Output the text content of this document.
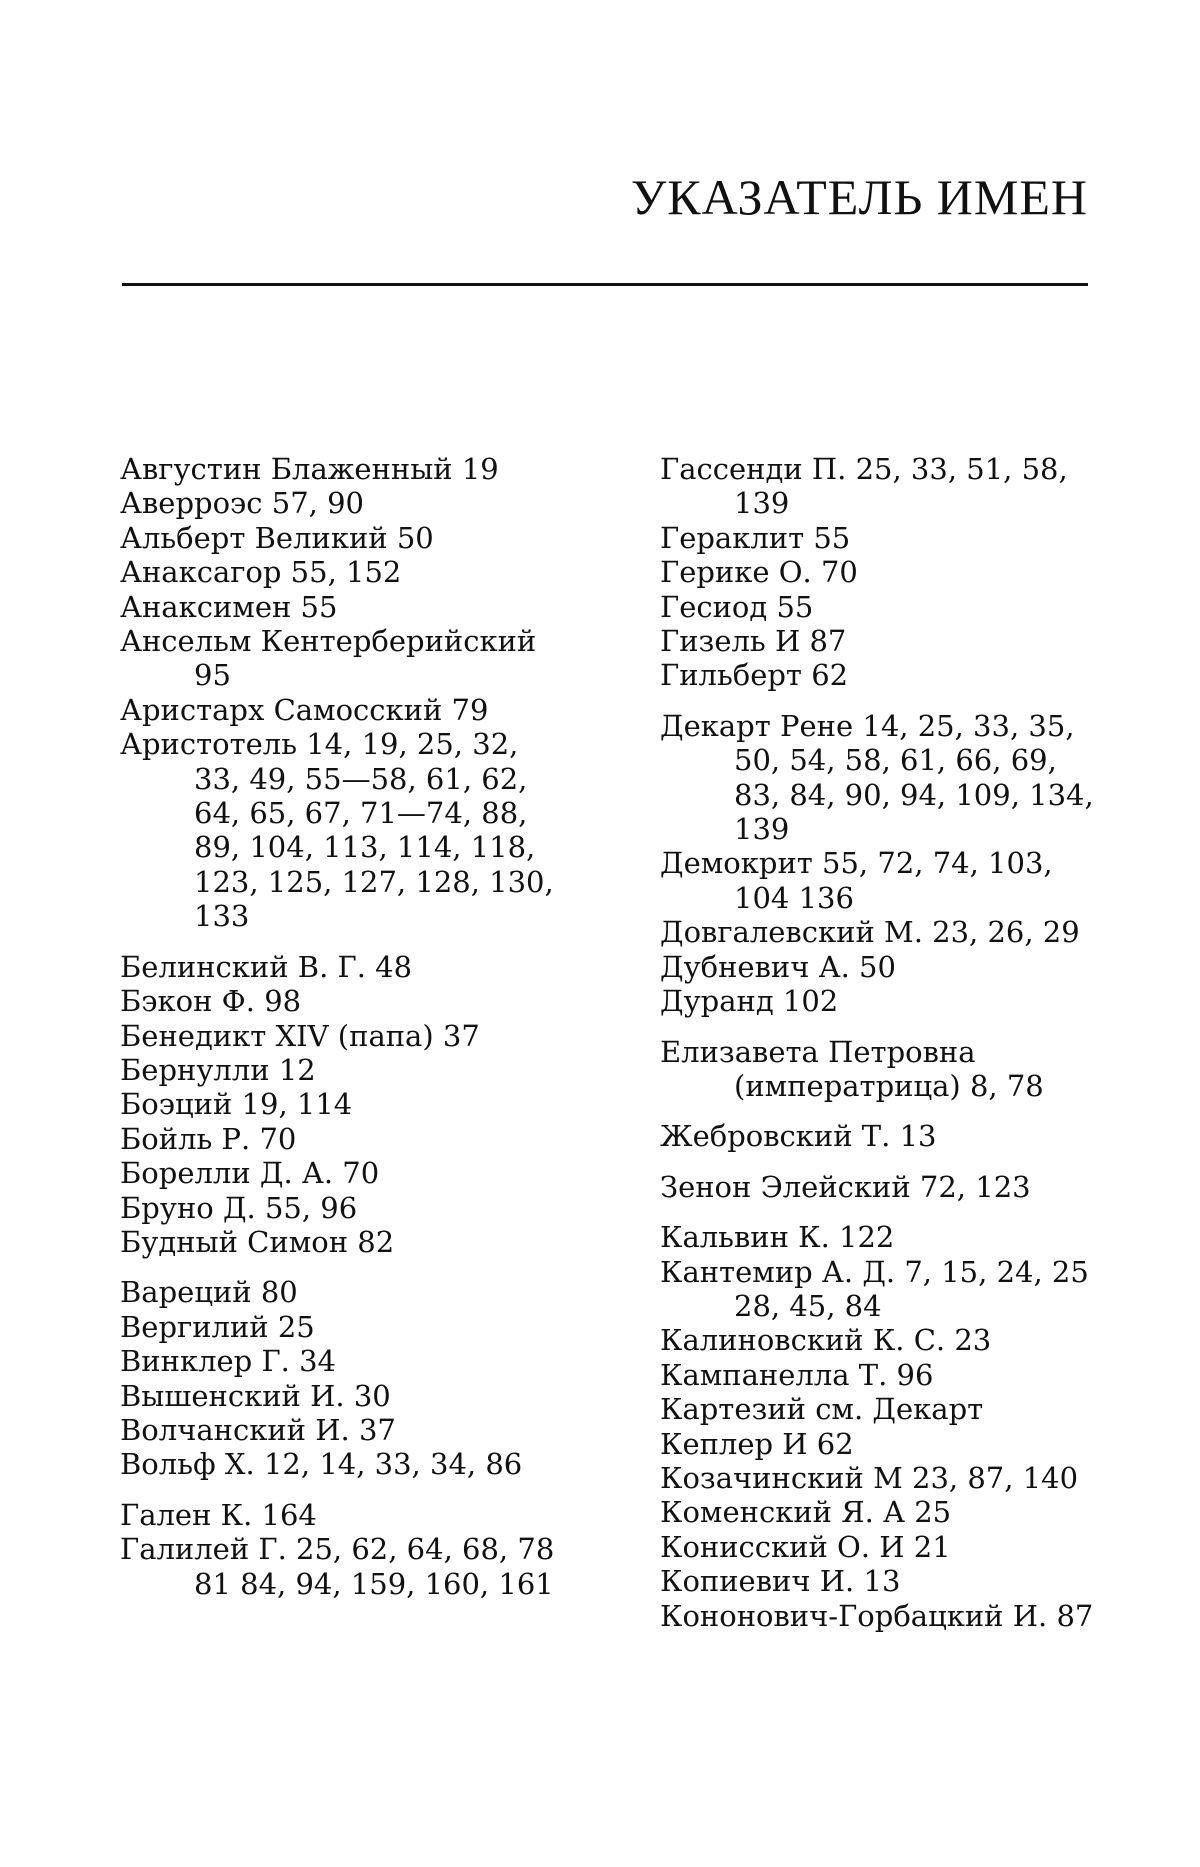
УКАЗАТЕЛЬ ИМЕН
Августин Блаженный 19
Аверроэс 57, 90
Альберт Великий 50
Анаксагор 55, 152
Анаксимен 55
Ансельм Кентерберийский 95
Аристарх Самосский 79
Аристотель 14, 19, 25, 32, 33, 49, 55—58, 61, 62, 64, 65, 67, 71—74, 88, 89, 104, 113, 114, 118, 123, 125, 127, 128, 130, 133
Белинский В. Г. 48
Бэкон Ф. 98
Бенедикт XIV (папа) 37
Бернулли 12
Боэций 19, 114
Бойль Р. 70
Борелли Д. А. 70
Бруно Д. 55, 96
Будный Симон 82
Вареций 80
Вергилий 25
Винклер Г. 34
Вышенский И. 30
Волчанский И. 37
Вольф Х. 12, 14, 33, 34, 86
Гален К. 164
Галилей Г. 25, 62, 64, 68, 78 81 84, 94, 159, 160, 161
Гассенди П. 25, 33, 51, 58, 139
Гераклит 55
Герике О. 70
Гесиод 55
Гизель И 87
Гильберт 62
Декарт Рене 14, 25, 33, 35, 50, 54, 58, 61, 66, 69, 83, 84, 90, 94, 109, 134, 139
Демокрит 55, 72, 74, 103, 104 136
Довгалевский М. 23, 26, 29
Дубневич А. 50
Дуранд 102
Елизавета Петровна (императрица) 8, 78
Жебровский Т. 13
Зенон Элейский 72, 123
Кальвин К. 122
Кантемир А. Д. 7, 15, 24, 25 28, 45, 84
Калиновский К. С. 23
Кампанелла Т. 96
Картезий см. Декарт
Кеплер И 62
Козачинский М 23, 87, 140
Коменский Я. А 25
Конисский О. И 21
Копиевич И. 13
Кононович-Горбацкий И. 87
